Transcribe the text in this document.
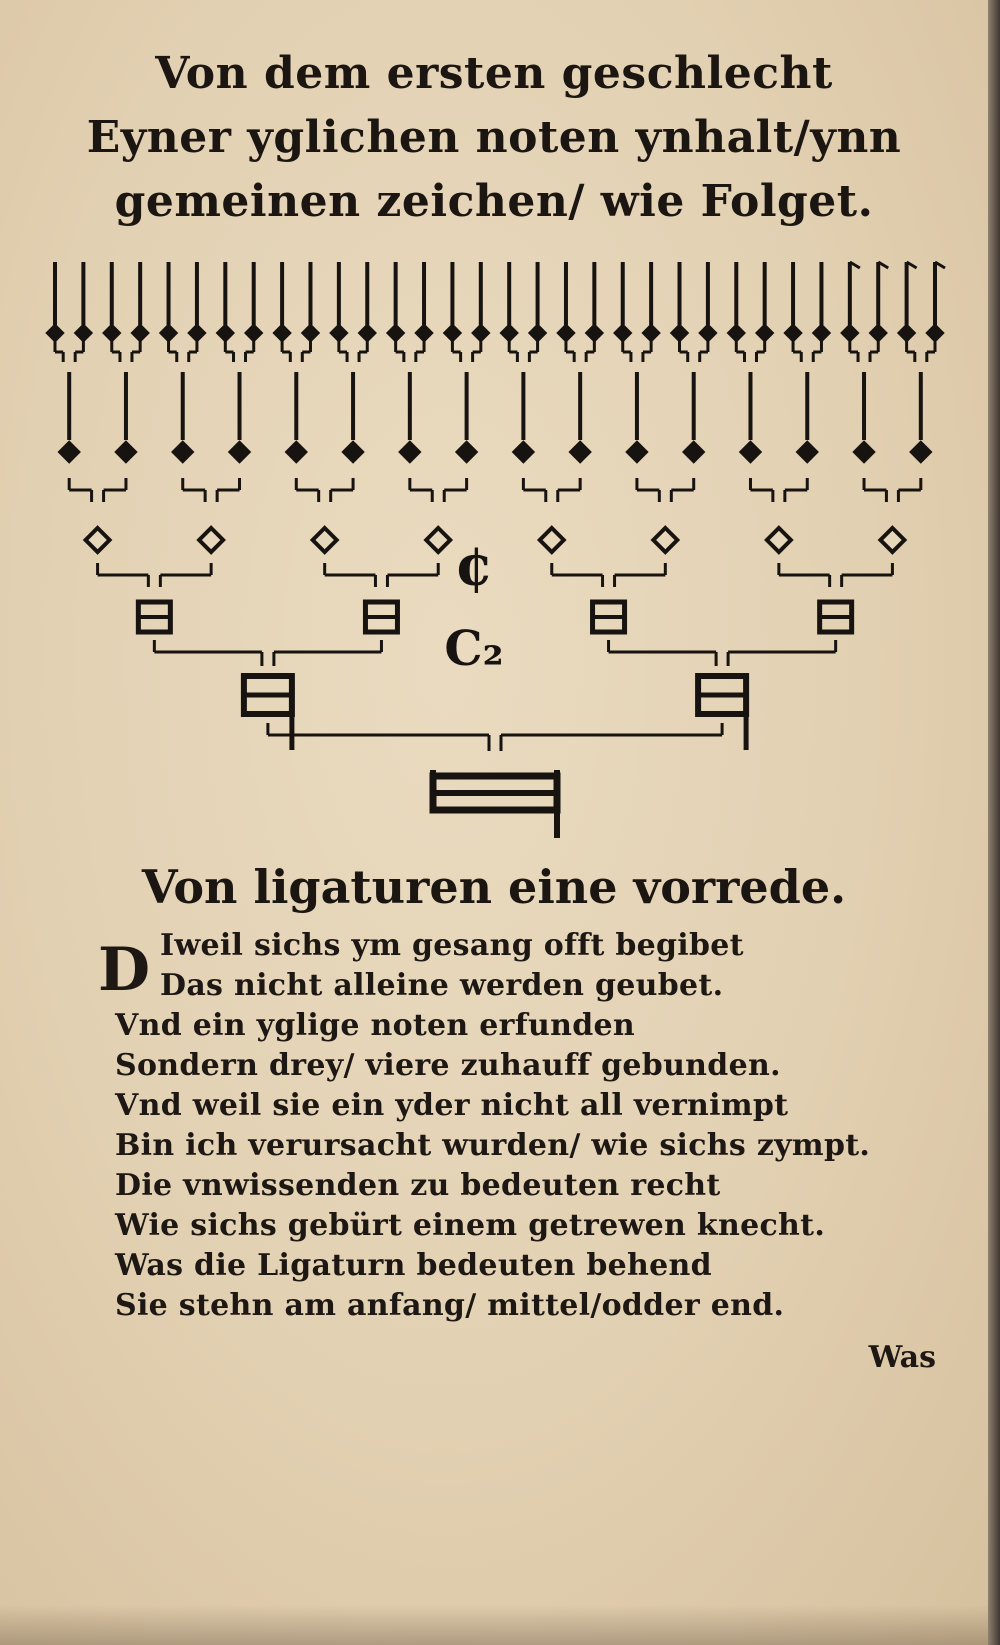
Von dem ersten geschlecht
Eyner yglichen noten ynhalt/ynn
gemeinen zeichen/ wie Folget.
¢
C₂
Von ligaturen eine vorrede.
D Iweil sichs ym gesang offt begibet
Das nicht alleine werden geubet.
Vnd ein yglige noten erfunden
Sondern drey/ viere zuhauff gebunden.
Vnd weil sie ein yder nicht all vernimpt
Bin ich verursacht wurden/ wie sichs zympt.
Die vnwissenden zu bedeuten recht
Wie sichs gebürt einem getrewen knecht.
Was die Ligaturn bedeuten behend
Sie stehn am anfang/ mittel/odder end.
Was
